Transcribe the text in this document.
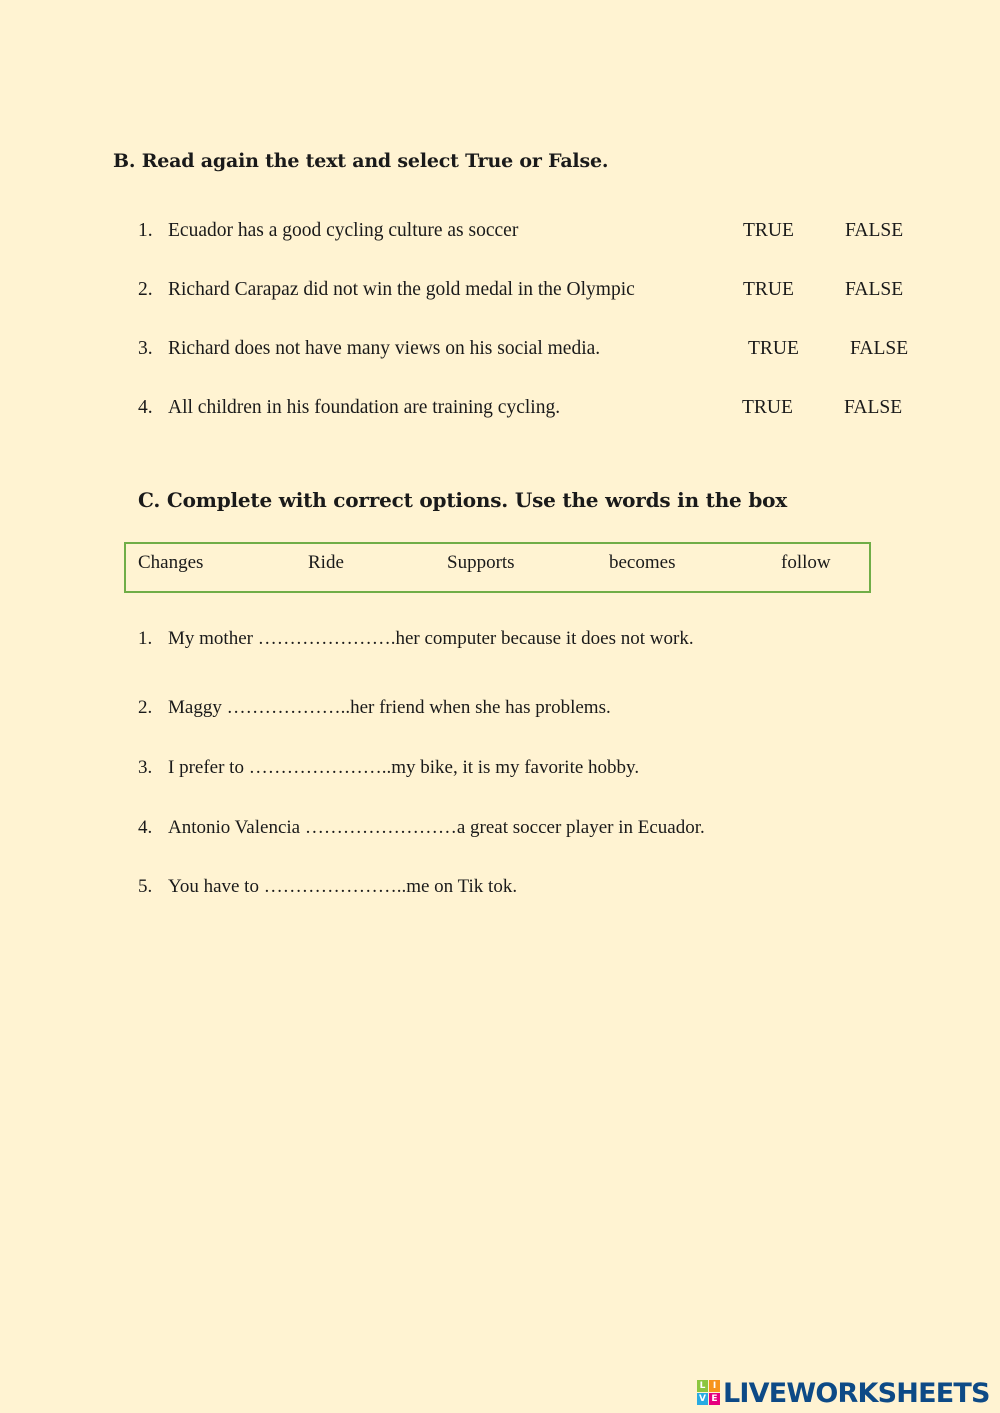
B. Read again the text and select True or False.
1. Ecuador has a good cycling culture as soccer	TRUE	FALSE
2. Richard Carapaz did not win the gold medal in the Olympic	TRUE	FALSE
3. Richard does not have many views on his social media.	TRUE	FALSE
4. All children in his foundation are training cycling.	TRUE	FALSE
C. Complete with correct options. Use the words in the box
Changes	Ride	Supports	becomes	follow
1. My mother ………………….her computer because it does not work.
2. Maggy ………………..her friend when she has problems.
3. I prefer to …………………..my bike, it is my favorite hobby.
4. Antonio Valencia ……………………a great soccer player in Ecuador.
5. You have to …………………..me on Tik tok.
L I
V E LIVEWORKSHEETS
